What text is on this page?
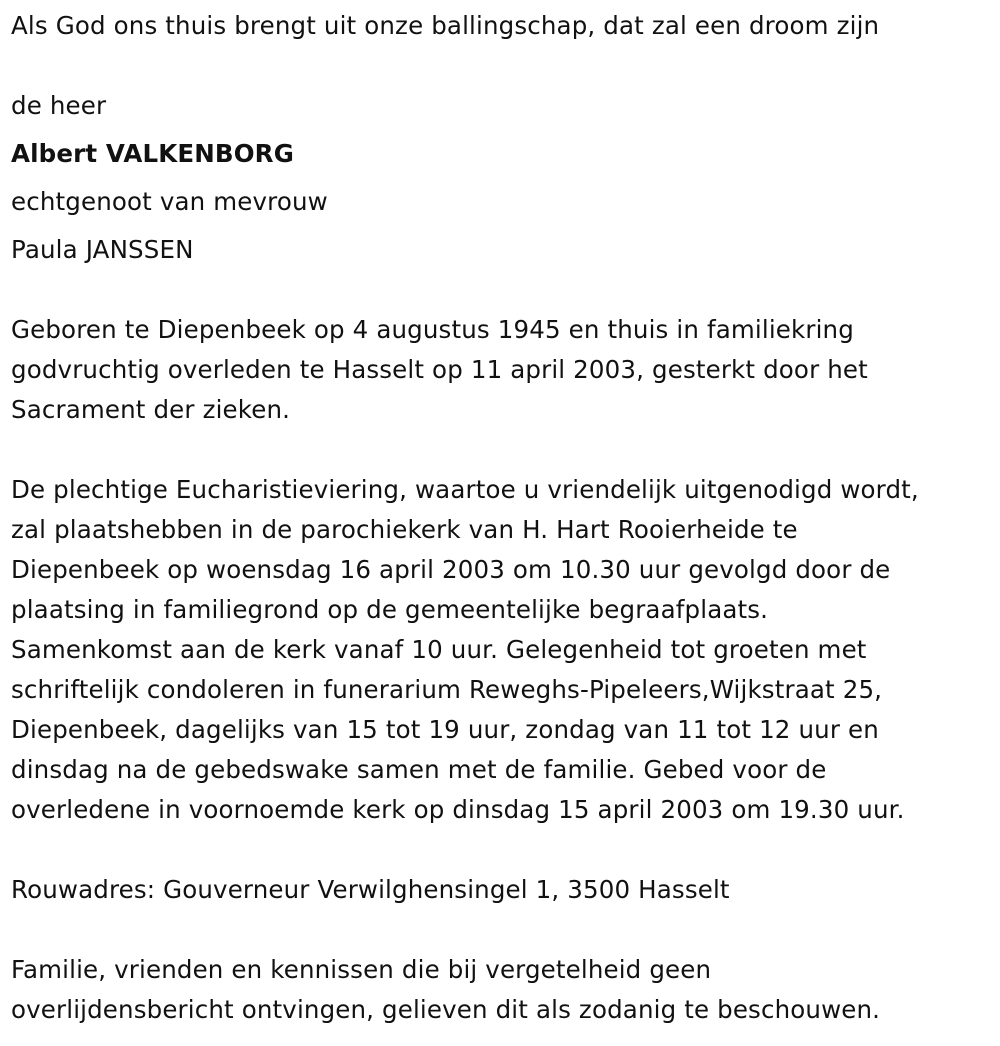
Als God ons thuis brengt uit onze ballingschap, dat zal een droom zijn
de heer
Albert VALKENBORG
echtgenoot van mevrouw
Paula JANSSEN
Geboren te Diepenbeek op 4 augustus 1945 en thuis in familiekring
godvruchtig overleden te Hasselt op 11 april 2003, gesterkt door het
Sacrament der zieken.
De plechtige Eucharistieviering, waartoe u vriendelijk uitgenodigd wordt,
zal plaatshebben in de parochiekerk van H. Hart Rooierheide te
Diepenbeek op woensdag 16 april 2003 om 10.30 uur gevolgd door de
plaatsing in familiegrond op de gemeentelijke begraafplaats.
Samenkomst aan de kerk vanaf 10 uur. Gelegenheid tot groeten met
schriftelijk condoleren in funerarium Reweghs-Pipeleers,Wijkstraat 25,
Diepenbeek, dagelijks van 15 tot 19 uur, zondag van 11 tot 12 uur en
dinsdag na de gebedswake samen met de familie. Gebed voor de
overledene in voornoemde kerk op dinsdag 15 april 2003 om 19.30 uur.
Rouwadres: Gouverneur Verwilghensingel 1, 3500 Hasselt
Familie, vrienden en kennissen die bij vergetelheid geen
overlijdensbericht ontvingen, gelieven dit als zodanig te beschouwen.
